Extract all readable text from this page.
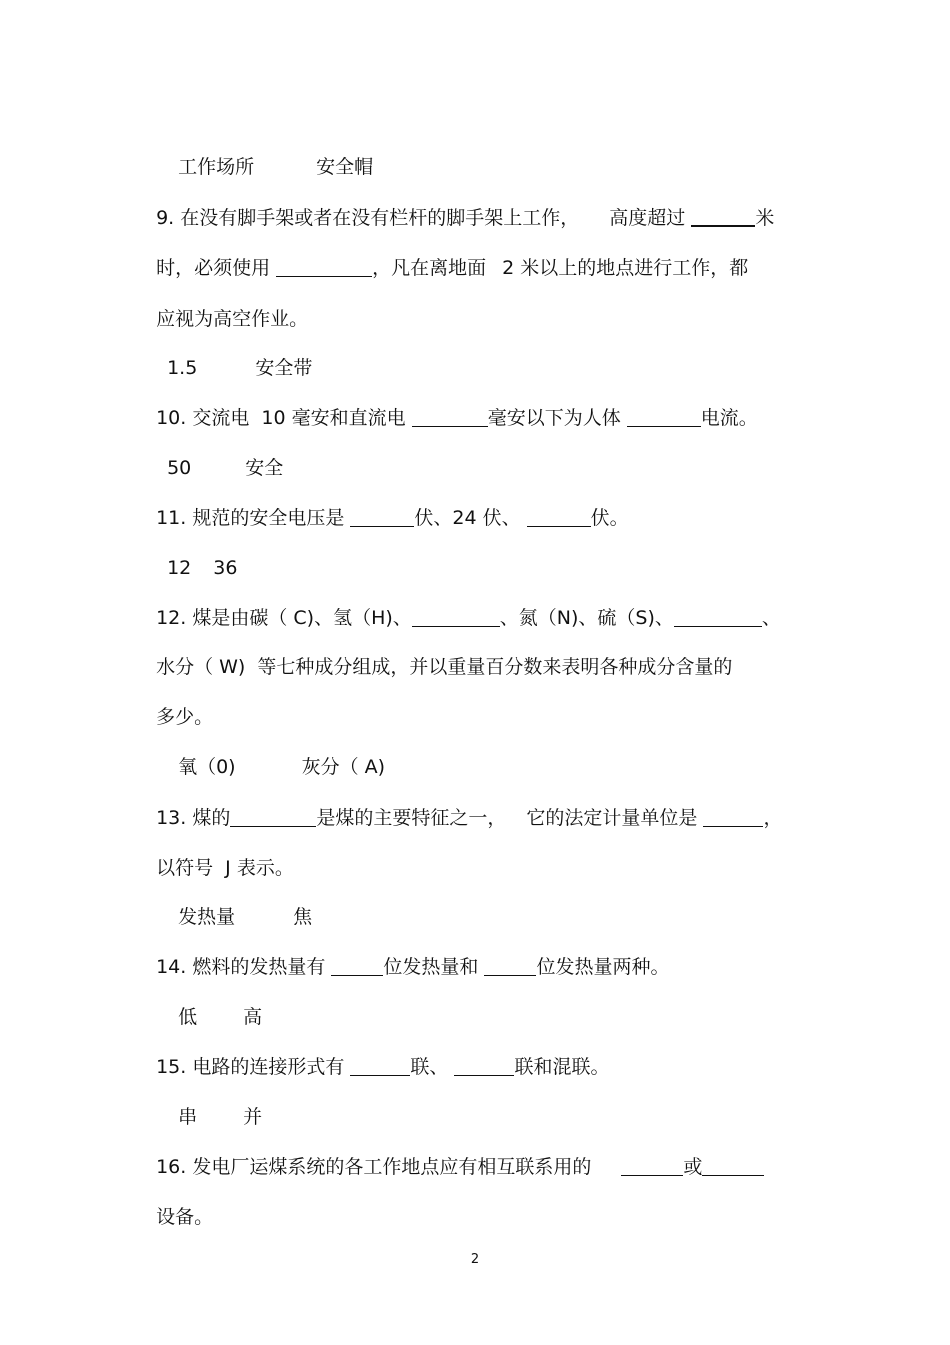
工作场所	安全帽

9. 在没有脚手架或者在没有栏杆的脚手架上工作， 高度超过	米

时，必须使用	，凡在离地面 2 米以上的地点进行工作，都

应视为高空作业。

1.5	安全带

10. 交流电  10 毫安和直流电	毫安以下为人体	电流。

50	安全

11. 规范的安全电压是	伏、24 伏、	伏。

12 36

12. 煤是由碳（ C)、氢（H)、	、氮（N)、硫（S)、	、

水分（ W)  等七种成分组成，并以重量百分数来表明各种成分含量的

多少。

氧（0)	灰分（ A)

13. 煤的	是煤的主要特征之一， 它的法定计量单位是	，

以符号  J 表示。

发热量	焦

14. 燃料的发热量有	位发热量和	位发热量两种。

低 高

15. 电路的连接形式有	联、	联和混联。

串 并

16. 发电厂运煤系统的各工作地点应有相互联系用的	或

设备。

2
